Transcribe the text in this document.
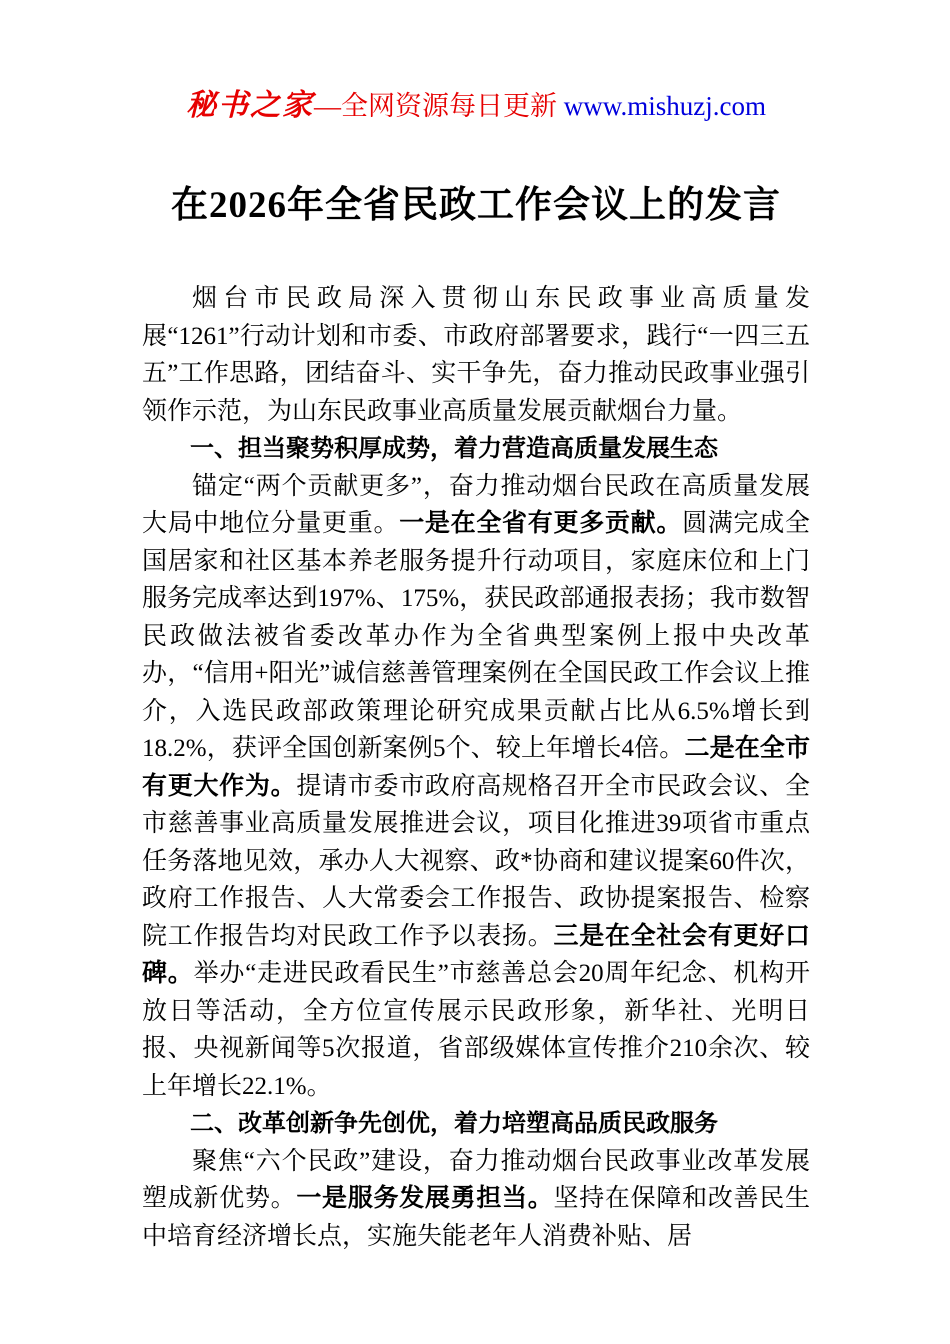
秘书之家—全网资源每日更新 www.mishuzj.com
在2026年全省民政工作会议上的发言

烟台市民政局深入贯彻山东民政事业高质量发展“1261”行动计划和市委、市政府部署要求，践行“一四三五五”工作思路，团结奋斗、实干争先，奋力推动民政事业强引领作示范，为山东民政事业高质量发展贡献烟台力量。

一、担当聚势积厚成势，着力营造高质量发展生态

锚定“两个贡献更多”，奋力推动烟台民政在高质量发展大局中地位分量更重。一是在全省有更多贡献。圆满完成全国居家和社区基本养老服务提升行动项目，家庭床位和上门服务完成率达到197%、175%，获民政部通报表扬；我市数智民政做法被省委改革办作为全省典型案例上报中央改革办，“信用+阳光”诚信慈善管理案例在全国民政工作会议上推介，入选民政部政策理论研究成果贡献占比从6.5%增长到18.2%，获评全国创新案例5个、较上年增长4倍。二是在全市有更大作为。提请市委市政府高规格召开全市民政会议、全市慈善事业高质量发展推进会议，项目化推进39项省市重点任务落地见效，承办人大视察、政*协商和建议提案60件次，政府工作报告、人大常委会工作报告、政协提案报告、检察院工作报告均对民政工作予以表扬。三是在全社会有更好口碑。举办“走进民政看民生”市慈善总会20周年纪念、机构开放日等活动，全方位宣传展示民政形象，新华社、光明日报、央视新闻等5次报道，省部级媒体宣传推介210余次、较上年增长22.1%。

二、改革创新争先创优，着力培塑高品质民政服务

聚焦“六个民政”建设，奋力推动烟台民政事业改革发展塑成新优势。一是服务发展勇担当。坚持在保障和改善民生中培育经济增长点，实施失能老年人消费补贴、居
